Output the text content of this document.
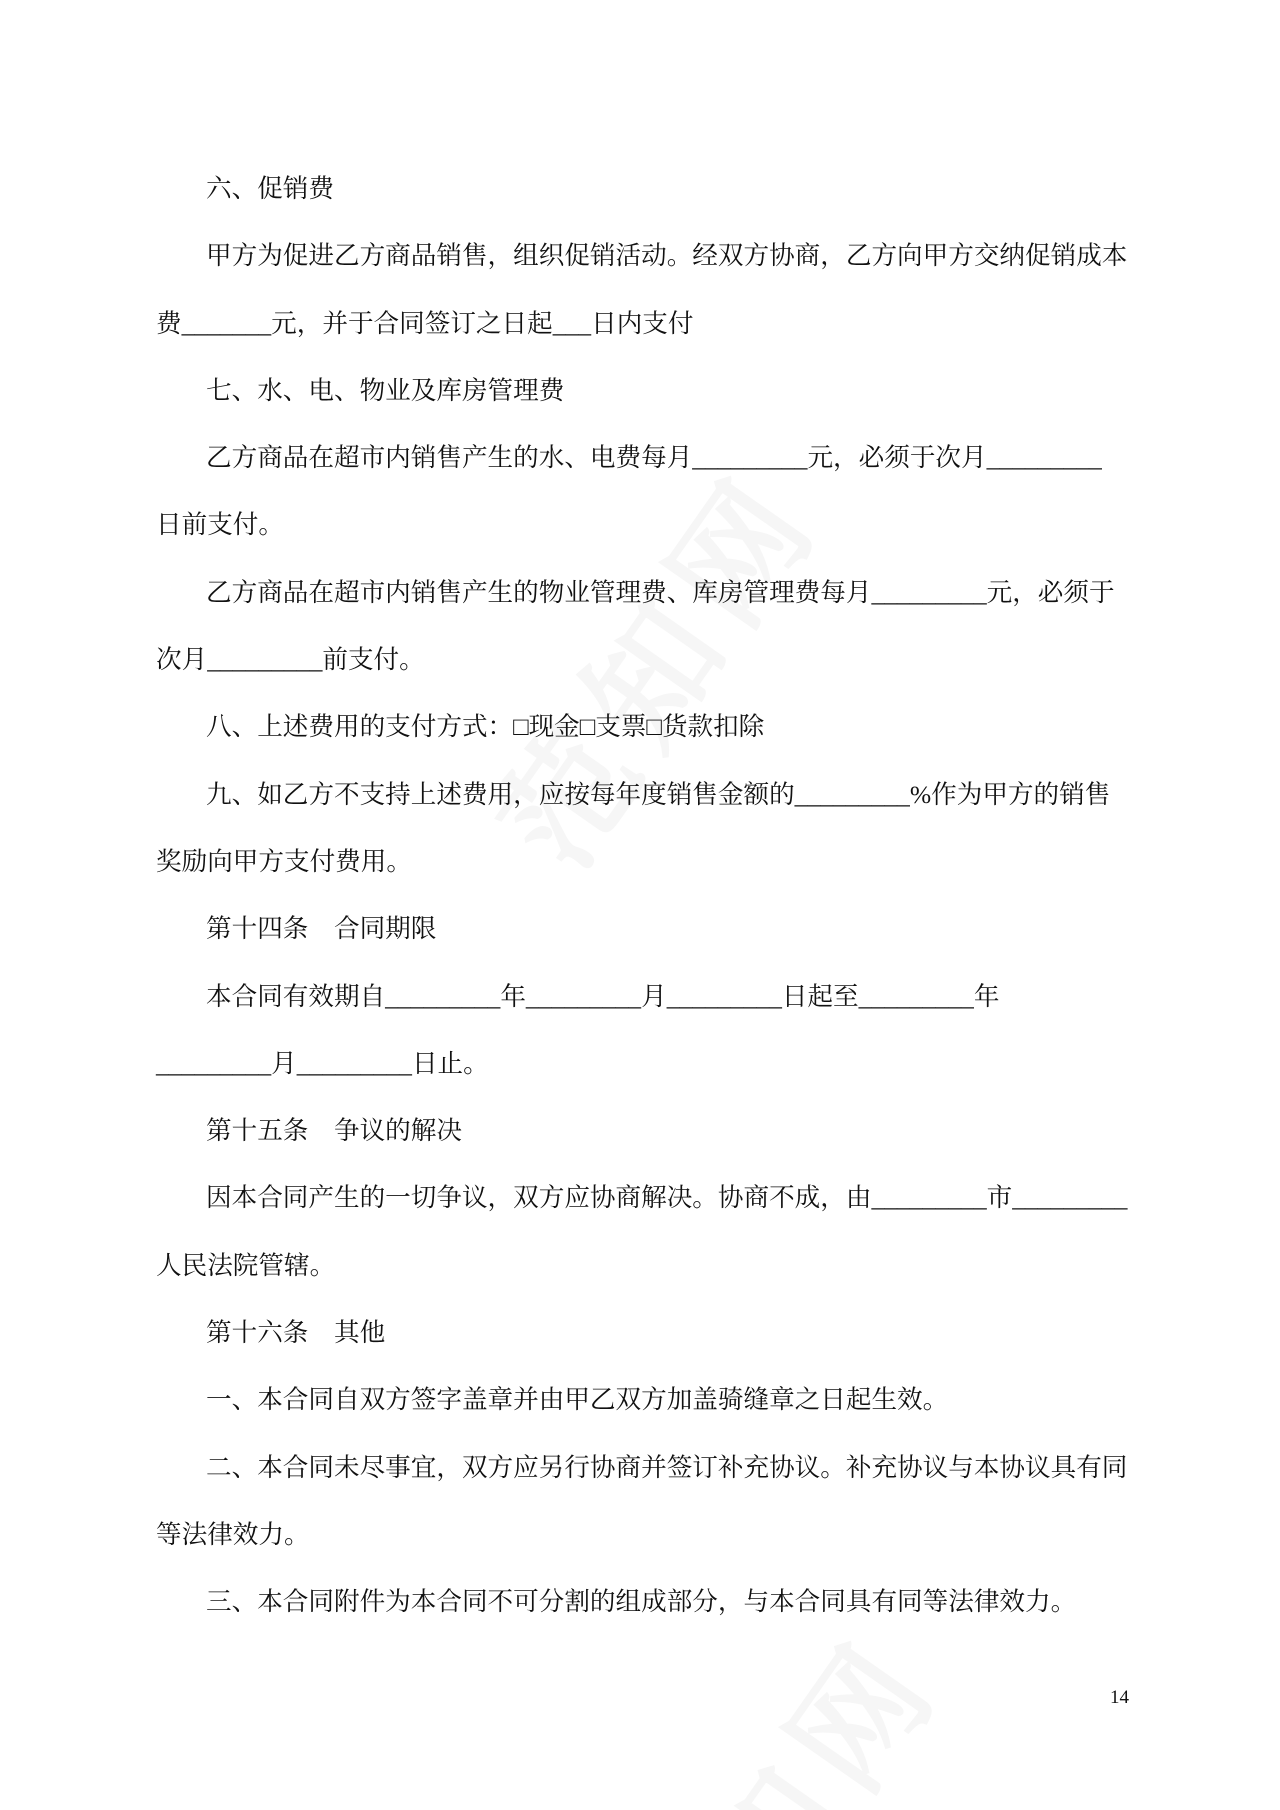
六、促销费
甲方为促进乙方商品销售，组织促销活动。经双方协商，乙方向甲方交纳促销成本
费_______元，并于合同签订之日起___日内支付
七、水、电、物业及库房管理费
乙方商品在超市内销售产生的水、电费每月_________元，必须于次月_________
日前支付。
乙方商品在超市内销售产生的物业管理费、库房管理费每月_________元，必须于
次月_________前支付。
八、上述费用的支付方式：□现金□支票□货款扣除
九、如乙方不支持上述费用，应按每年度销售金额的_________%作为甲方的销售
奖励向甲方支付费用。
第十四条　合同期限
本合同有效期自_________年_________月_________日起至_________年
_________月_________日止。
第十五条　争议的解决
因本合同产生的一切争议，双方应协商解决。协商不成，由_________市_________
人民法院管辖。
第十六条　其他
一、本合同自双方签字盖章并由甲乙双方加盖骑缝章之日起生效。
二、本合同未尽事宜，双方应另行协商并签订补充协议。补充协议与本协议具有同
等法律效力。
三、本合同附件为本合同不可分割的组成部分，与本合同具有同等法律效力。
14
